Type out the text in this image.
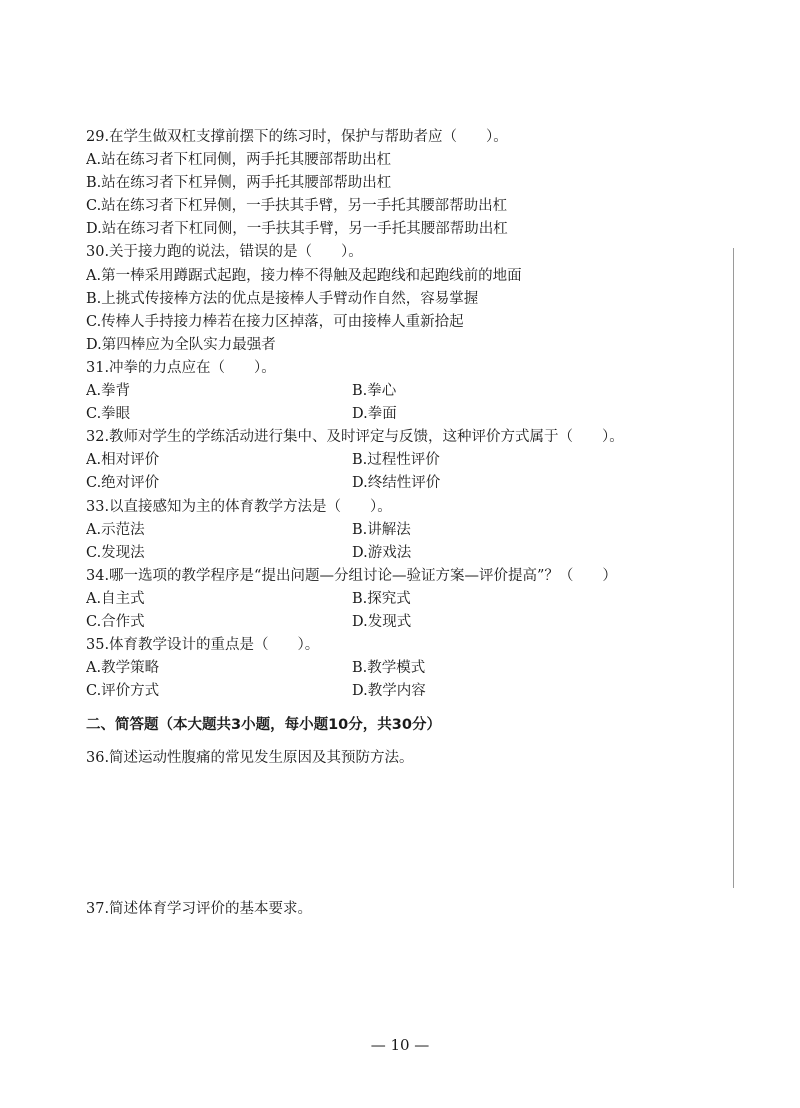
29.在学生做双杠支撑前摆下的练习时，保护与帮助者应（　　）。
A.站在练习者下杠同侧，两手托其腰部帮助出杠
B.站在练习者下杠异侧，两手托其腰部帮助出杠
C.站在练习者下杠异侧，一手扶其手臂，另一手托其腰部帮助出杠
D.站在练习者下杠同侧，一手扶其手臂，另一手托其腰部帮助出杠
30.关于接力跑的说法，错误的是（　　）。
A.第一棒采用蹲踞式起跑，接力棒不得触及起跑线和起跑线前的地面
B.上挑式传接棒方法的优点是接棒人手臂动作自然，容易掌握
C.传棒人手持接力棒若在接力区掉落，可由接棒人重新拾起
D.第四棒应为全队实力最强者
31.冲拳的力点应在（　　）。
A.拳背	B.拳心
C.拳眼	D.拳面
32.教师对学生的学练活动进行集中、及时评定与反馈，这种评价方式属于（　　）。
A.相对评价	B.过程性评价
C.绝对评价	D.终结性评价
33.以直接感知为主的体育教学方法是（　　）。
A.示范法	B.讲解法
C.发现法	D.游戏法
34.哪一选项的教学程序是“提出问题—分组讨论—验证方案—评价提高”？（　　）
A.自主式	B.探究式
C.合作式	D.发现式
35.体育教学设计的重点是（　　）。
A.教学策略	B.教学模式
C.评价方式	D.教学内容
二、简答题（本大题共3小题，每小题10分，共30分）
36.简述运动性腹痛的常见发生原因及其预防方法。
37.简述体育学习评价的基本要求。
— 10 —
